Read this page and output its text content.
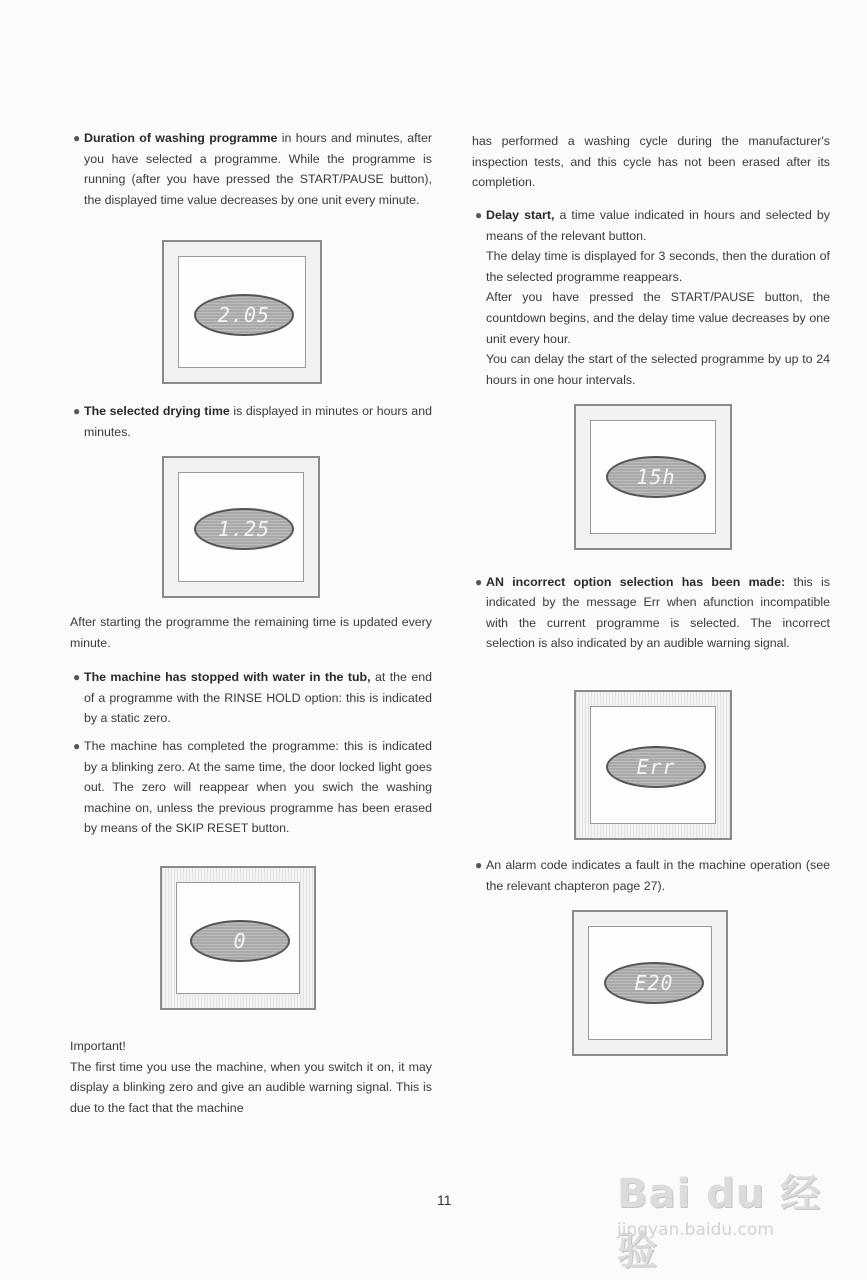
● Duration of washing programme in hours and minutes, after you have selected a programme. While the programme is running (after you have pressed the START/PAUSE button), the displayed time value decreases by one unit every minute.

2.05

● The selected drying time is displayed in minutes or hours and minutes.

1.25

After starting the programme the remaining time is updated every minute.

● The machine has stopped with water in the tub, at the end of a programme with the RINSE HOLD option: this is indicated by a static zero.

● The machine has completed the programme: this is indicated by a blinking zero. At the same time, the door locked light goes out. The zero will reappear when you swich the washing machine on, unless the previous programme has been erased by means of the SKIP RESET button.

0

Important!

The first time you use the machine, when you switch it on, it may display a blinking zero and give an audible warning signal. This is due to the fact that the machine

has performed a washing cycle during the manufacturer's inspection tests, and this cycle has not been erased after its completion.

● Delay start, a time value indicated in hours and selected by means of the relevant button.

The delay time is displayed for 3 seconds, then the duration of the selected programme reappears.

After you have pressed the START/PAUSE button, the countdown begins, and the delay time value decreases by one unit every hour.

You can delay the start of the selected programme by up to 24 hours in one hour intervals.

15h

● AN incorrect option selection has been made: this is indicated by the message Err when afunction incompatible with the current programme is selected. The incorrect selection is also indicated by an audible warning signal.

Err

● An alarm code indicates a fault in the machine operation (see the relevant chapteron page 27).

E20
11	Bai du 经验
jingyan.baidu.com
